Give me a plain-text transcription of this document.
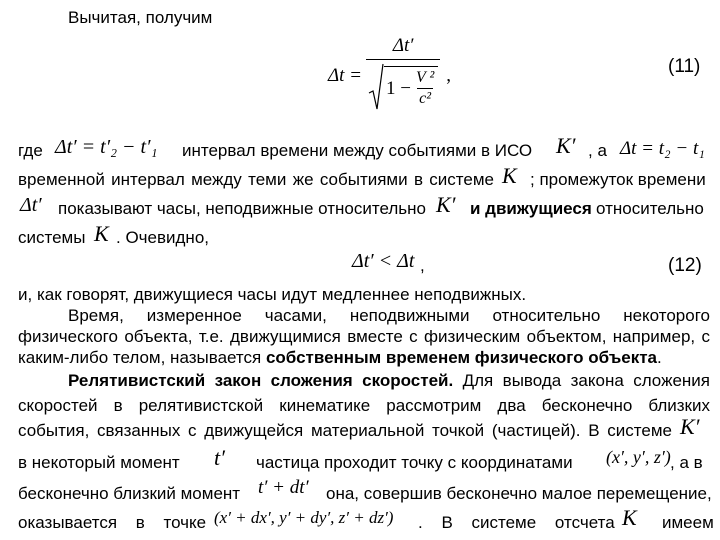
Вычитая, получим
$\Delta t = \frac{\Delta t'}{1 - \frac{\text{V ²}}{\text{c²}}}$ ,	(11)
где Δt′ = t′₂ − t′₁ интервал времени между событиями в ИСО K′ , а Δt = t₂ − t₁
временной интервал между теми же событиями в системе K ; промежуток времени
Δt′ показывают часы, неподвижные относительно K′ и движущиеся относительно
системы K . Очевидно,
Δt′ < Δt ,	(12)
и, как говорят, движущиеся часы идут медленнее неподвижных.
Время, измеренное часами, неподвижными относительно некоторого
физического объекта, т.е. движущимися вместе с физическим объектом, например, с
каким-либо телом, называется собственным временем физического объекта.
Релятивистский закон сложения скоростей. Для вывода закона сложения
скоростей в релятивистской кинематике рассмотрим два бесконечно близких
события, связанных с движущейся материальной точкой (частицей). В системе K′
в некоторый момент t′ частица проходит точку с координатами (x′, y′, z′) , а в
бесконечно близкий момент t′ + dt′ она, совершив бесконечно малое перемещение,
оказывается в точке (x′ + dx′, y′ + dy′, z′ + dz′) . В системе отсчета K имеем
